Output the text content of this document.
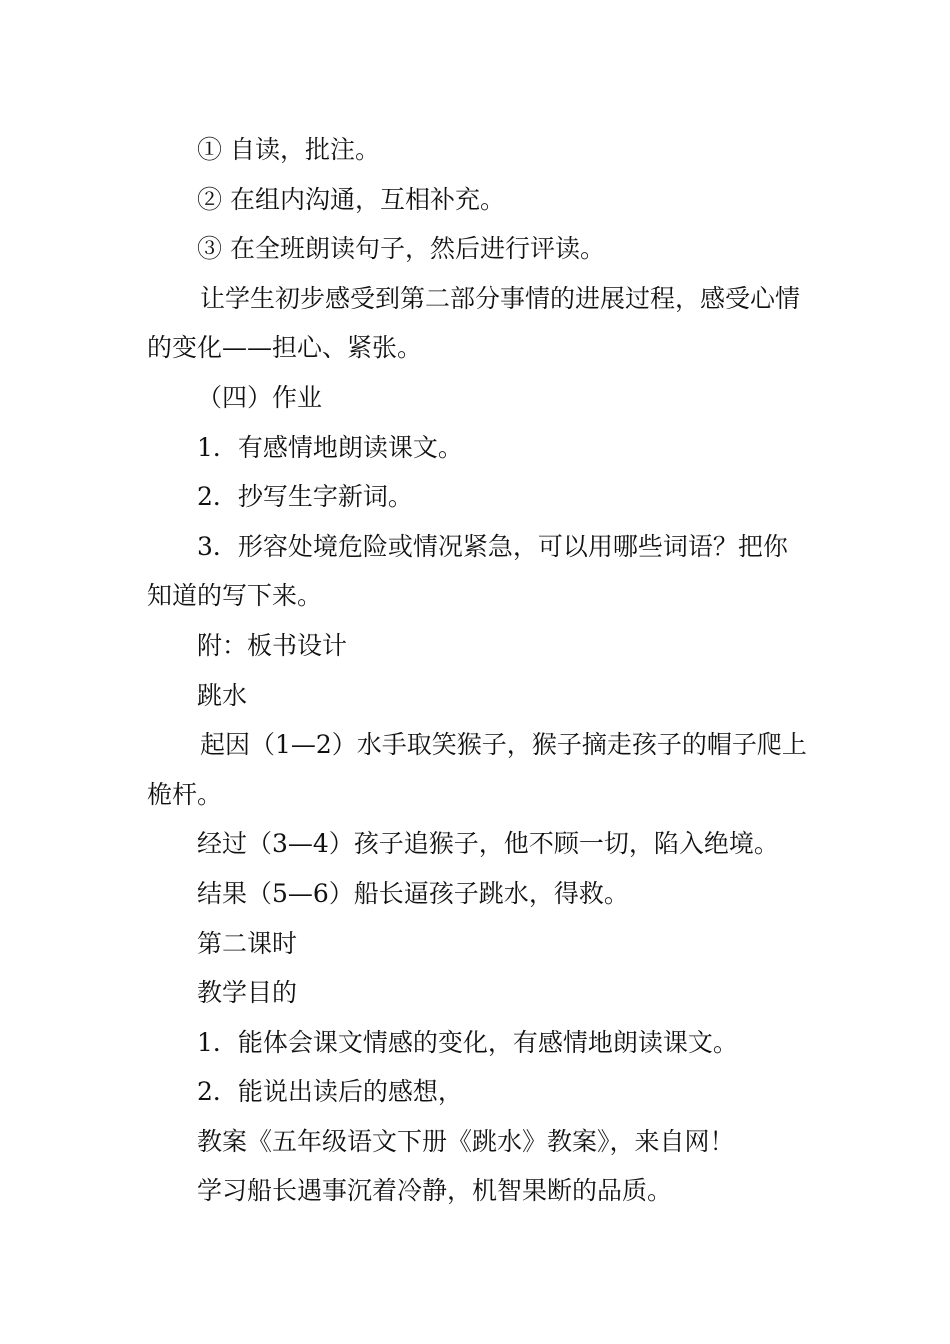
① 自读，批注。

② 在组内沟通，互相补充。

③ 在全班朗读句子，然后进行评读。

让学生初步感受到第二部分事情的进展过程，感受心情的变化——担心、紧张。

（四）作业

1．有感情地朗读课文。

2．抄写生字新词。

3．形容处境危险或情况紧急，可以用哪些词语？把你知道的写下来。

附：板书设计

跳水

起因（1—2）水手取笑猴子，猴子摘走孩子的帽子爬上桅杆。

经过（3—4）孩子追猴子，他不顾一切，陷入绝境。

结果（5—6）船长逼孩子跳水，得救。

第二课时

教学目的

1．能体会课文情感的变化，有感情地朗读课文。

2．能说出读后的感想，

教案《五年级语文下册《跳水》教案》，来自网！

学习船长遇事沉着冷静，机智果断的品质。
